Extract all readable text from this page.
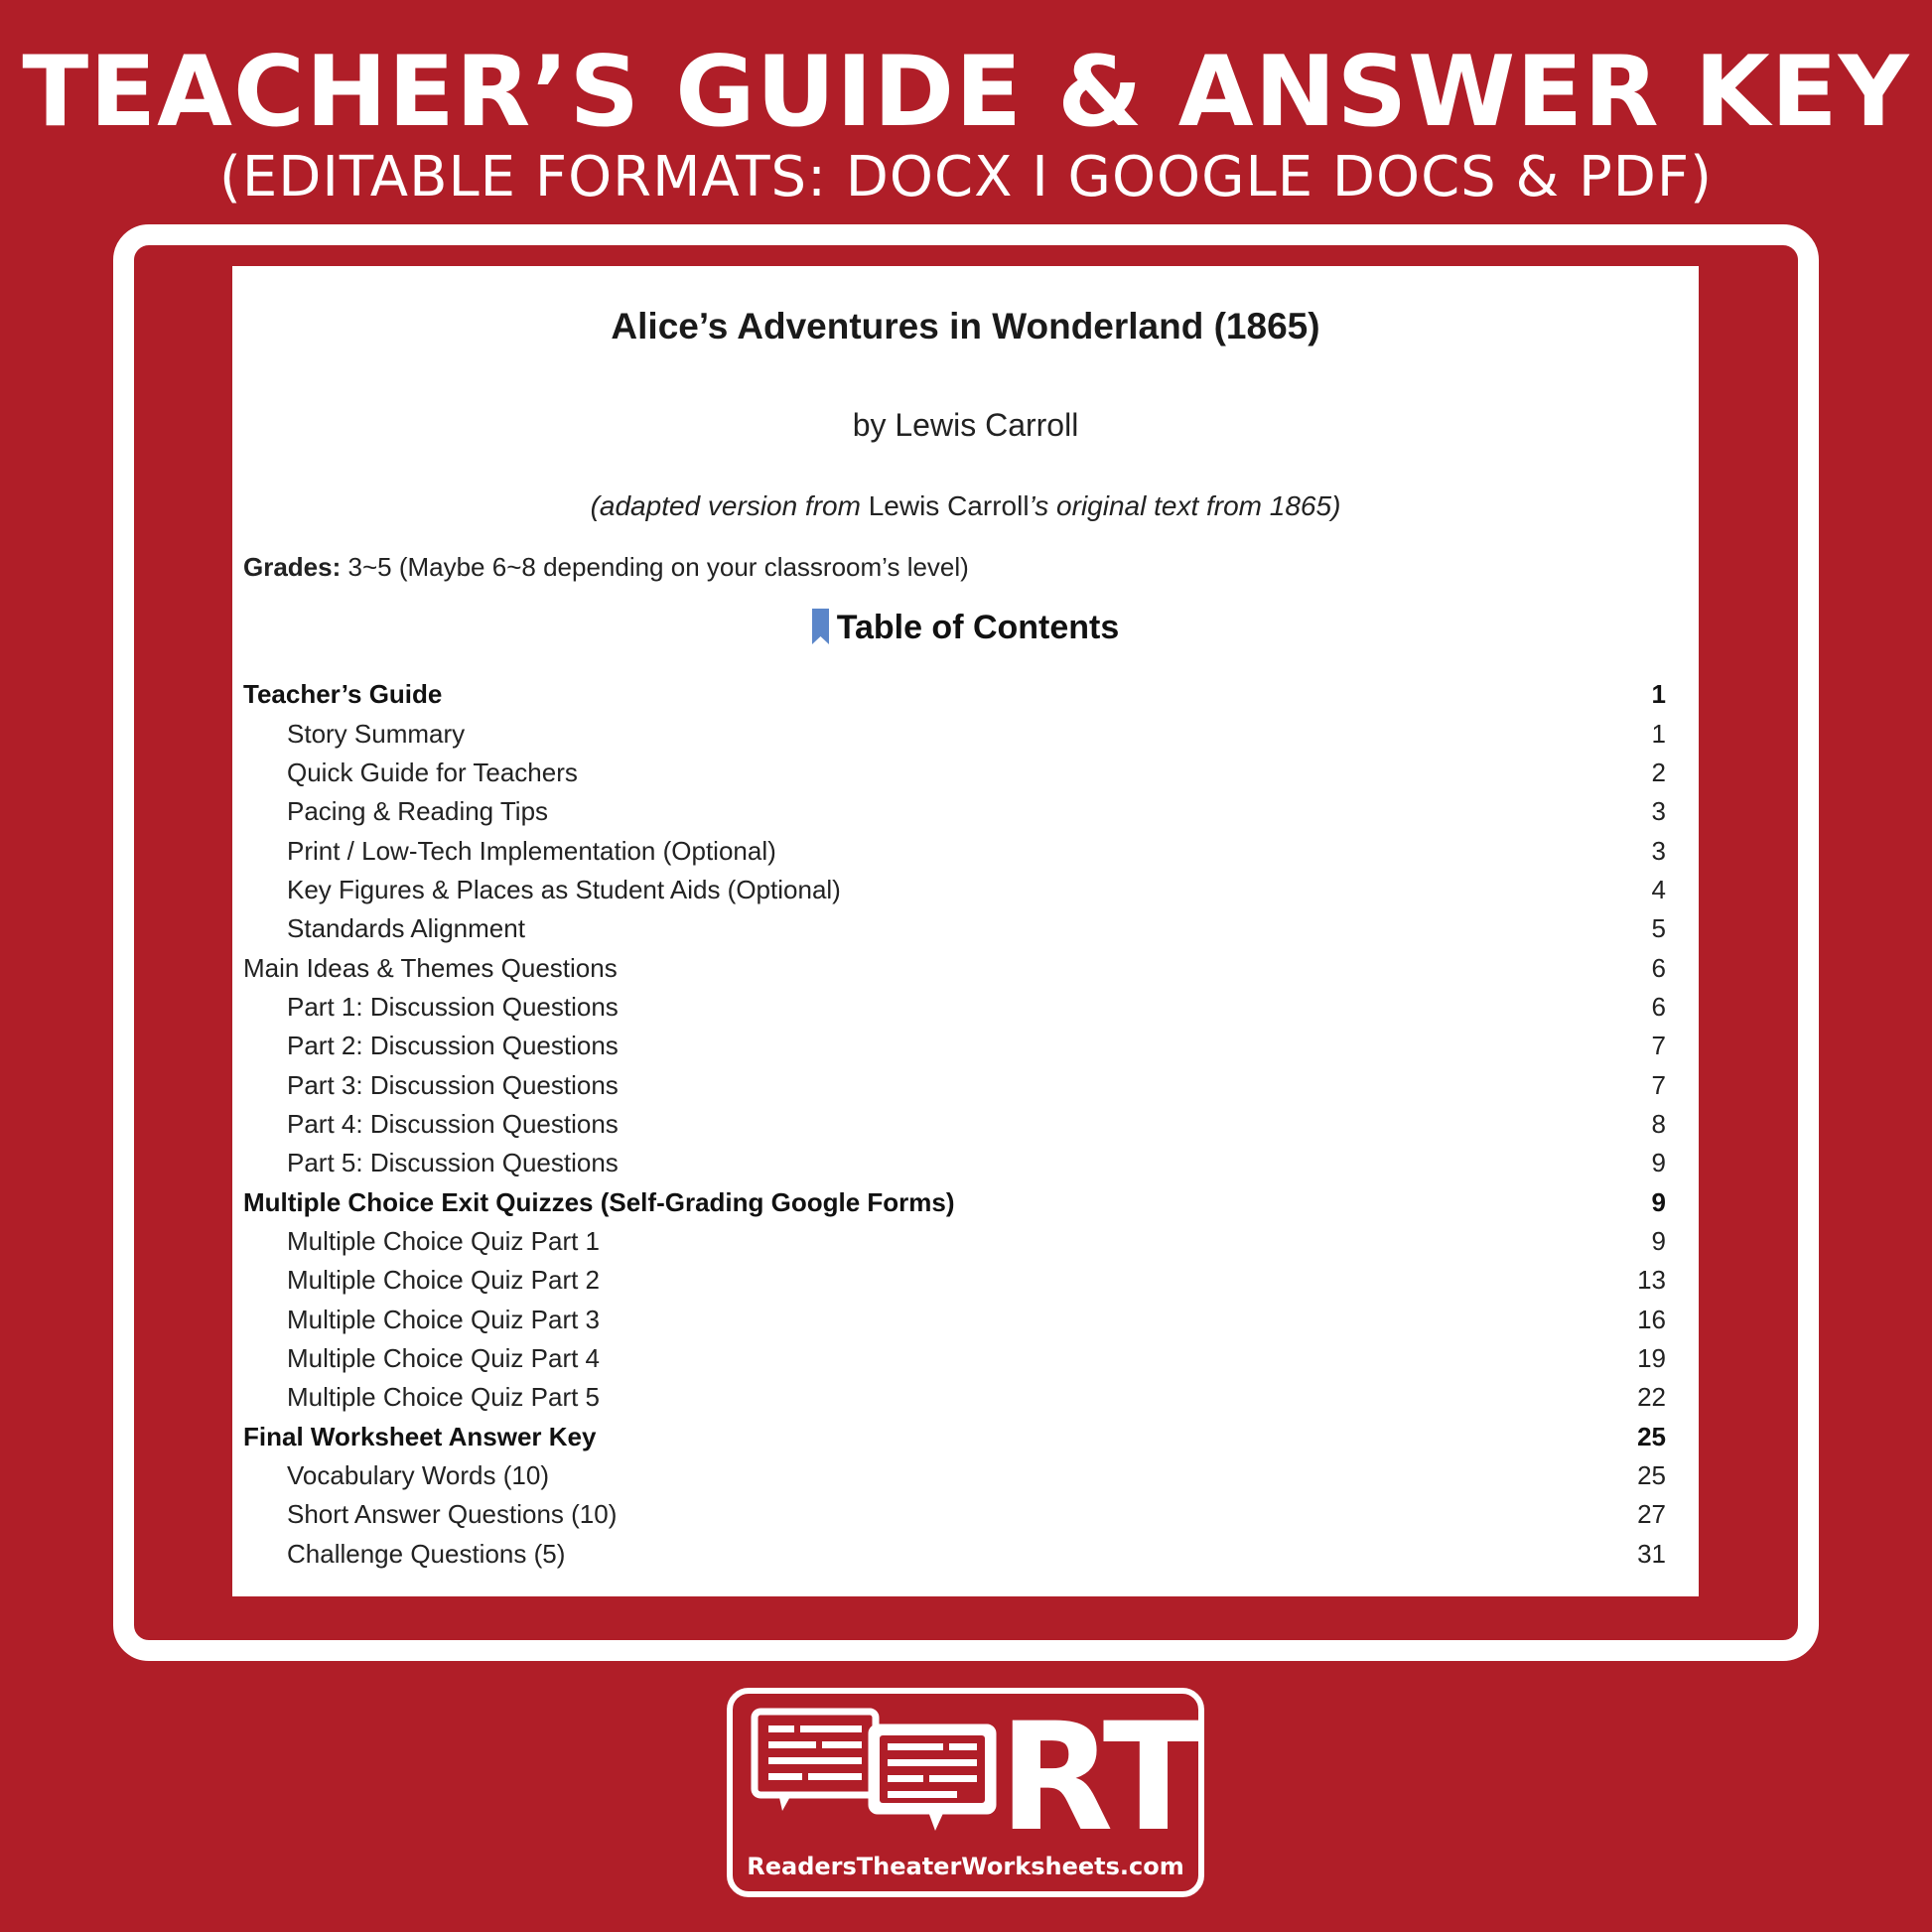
TEACHER’S GUIDE & ANSWER KEY
(EDITABLE FORMATS: DOCX I GOOGLE DOCS & PDF)
Alice’s Adventures in Wonderland (1865)
by Lewis Carroll
(adapted version from Lewis Carroll’s original text from 1865)
Grades: 3~5 (Maybe 6~8 depending on your classroom’s level)
Table of Contents
Teacher’s Guide	1
Story Summary	1
Quick Guide for Teachers	2
Pacing & Reading Tips	3
Print / Low-Tech Implementation (Optional)	3
Key Figures & Places as Student Aids (Optional)	4
Standards Alignment	5
Main Ideas & Themes Questions	6
Part 1: Discussion Questions	6
Part 2: Discussion Questions	7
Part 3: Discussion Questions	7
Part 4: Discussion Questions	8
Part 5: Discussion Questions	9
Multiple Choice Exit Quizzes (Self-Grading Google Forms)	9
Multiple Choice Quiz Part 1	9
Multiple Choice Quiz Part 2	13
Multiple Choice Quiz Part 3	16
Multiple Choice Quiz Part 4	19
Multiple Choice Quiz Part 5	22
Final Worksheet Answer Key	25
Vocabulary Words (10)	25
Short Answer Questions (10)	27
Challenge Questions (5)	31
RT
ReadersTheaterWorksheets.com
